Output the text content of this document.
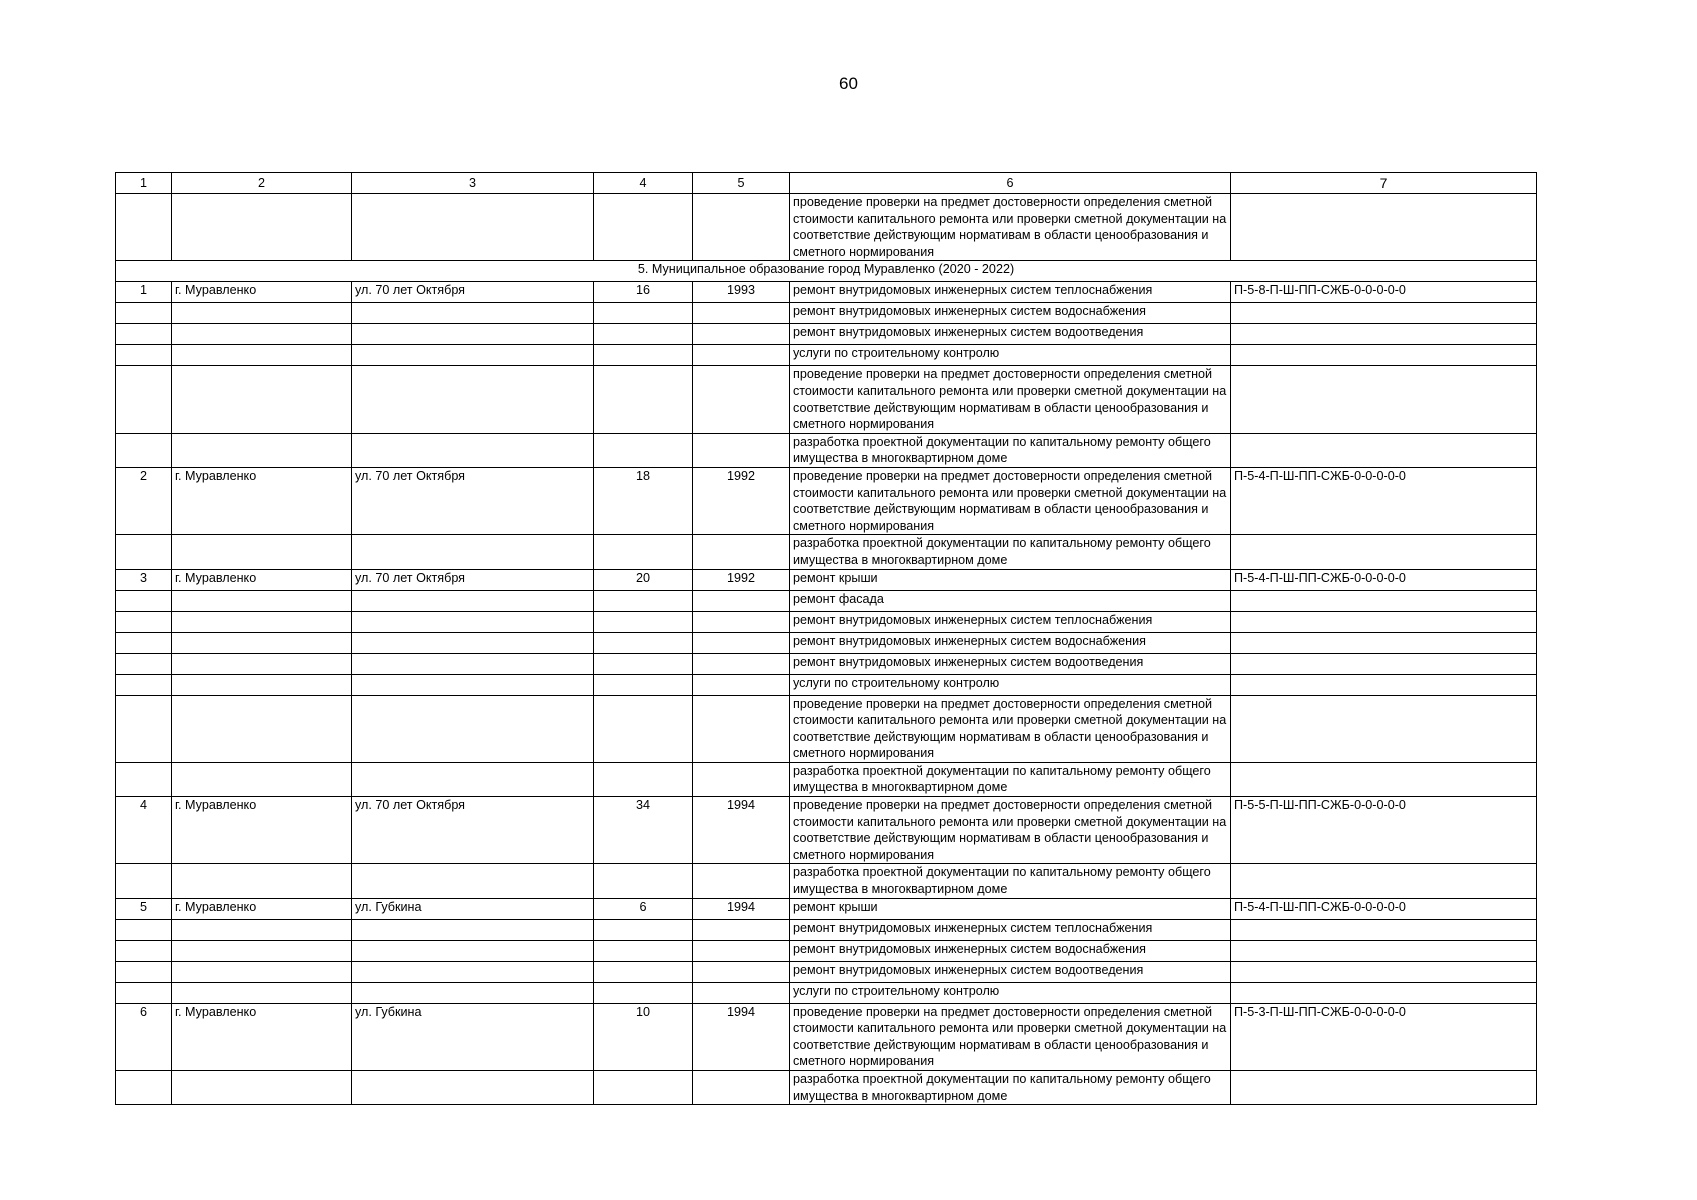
60
1	2	3	4	5	6	7
					проведение проверки на предмет достоверности определения сметной стоимости капитального ремонта или проверки сметной документации на соответствие действующим нормативам в области ценообразования и сметного нормирования	
5. Муниципальное образование город Муравленко (2020 - 2022)						
1	г. Муравленко	ул. 70 лет Октября	16	1993	ремонт внутридомовых инженерных систем теплоснабжения	П-5-8-П-Ш-ПП-СЖБ-0-0-0-0-0
					ремонт внутридомовых инженерных систем водоснабжения	
					ремонт внутридомовых инженерных систем водоотведения	
					услуги по строительному контролю	
					проведение проверки на предмет достоверности определения сметной стоимости капитального ремонта или проверки сметной документации на соответствие действующим нормативам в области ценообразования и сметного нормирования	
					разработка проектной документации по капитальному ремонту общего имущества в многоквартирном доме	
2	г. Муравленко	ул. 70 лет Октября	18	1992	проведение проверки на предмет достоверности определения сметной стоимости капитального ремонта или проверки сметной документации на соответствие действующим нормативам в области ценообразования и сметного нормирования	П-5-4-П-Ш-ПП-СЖБ-0-0-0-0-0
					разработка проектной документации по капитальному ремонту общего имущества в многоквартирном доме	
3	г. Муравленко	ул. 70 лет Октября	20	1992	ремонт крыши	П-5-4-П-Ш-ПП-СЖБ-0-0-0-0-0
					ремонт фасада	
					ремонт внутридомовых инженерных систем теплоснабжения	
					ремонт внутридомовых инженерных систем водоснабжения	
					ремонт внутридомовых инженерных систем водоотведения	
					услуги по строительному контролю	
					проведение проверки на предмет достоверности определения сметной стоимости капитального ремонта или проверки сметной документации на соответствие действующим нормативам в области ценообразования и сметного нормирования	
					разработка проектной документации по капитальному ремонту общего имущества в многоквартирном доме	
4	г. Муравленко	ул. 70 лет Октября	34	1994	проведение проверки на предмет достоверности определения сметной стоимости капитального ремонта или проверки сметной документации на соответствие действующим нормативам в области ценообразования и сметного нормирования	П-5-5-П-Ш-ПП-СЖБ-0-0-0-0-0
					разработка проектной документации по капитальному ремонту общего имущества в многоквартирном доме	
5	г. Муравленко	ул. Губкина	6	1994	ремонт крыши	П-5-4-П-Ш-ПП-СЖБ-0-0-0-0-0
					ремонт внутридомовых инженерных систем теплоснабжения	
					ремонт внутридомовых инженерных систем водоснабжения	
					ремонт внутридомовых инженерных систем водоотведения	
					услуги по строительному контролю	
6	г. Муравленко	ул. Губкина	10	1994	проведение проверки на предмет достоверности определения сметной стоимости капитального ремонта или проверки сметной документации на соответствие действующим нормативам в области ценообразования и сметного нормирования	П-5-3-П-Ш-ПП-СЖБ-0-0-0-0-0
					разработка проектной документации по капитальному ремонту общего имущества в многоквартирном доме	
